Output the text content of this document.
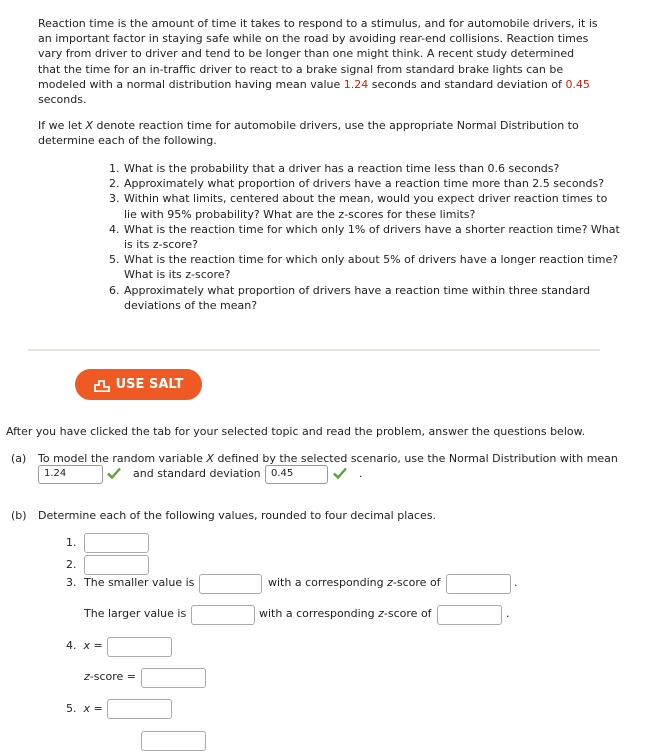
Reaction time is the amount of time it takes to respond to a stimulus, and for automobile drivers, it is an important factor in staying safe while on the road by avoiding rear-end collisions. Reaction times vary from driver to driver and tend to be longer than one might think. A recent study determined that the time for an in-traffic driver to react to a brake signal from standard brake lights can be modeled with a normal distribution having mean value 1.24 seconds and standard deviation of 0.45 seconds.

If we let X denote reaction time for automobile drivers, use the appropriate Normal Distribution to determine each of the following.

1. What is the probability that a driver has a reaction time less than 0.6 seconds?
2. Approximately what proportion of drivers have a reaction time more than 2.5 seconds?
3. Within what limits, centered about the mean, would you expect driver reaction times to lie with 95% probability? What are the z-scores for these limits?
4. What is the reaction time for which only 1% of drivers have a shorter reaction time? What is its z-score?
5. What is the reaction time for which only about 5% of drivers have a longer reaction time? What is its z-score?
6. Approximately what proportion of drivers have a reaction time within three standard deviations of the mean?
USE SALT
After you have clicked the tab for your selected topic and read the problem, answer the questions below.
(a) To model the random variable X defined by the selected scenario, use the Normal Distribution with mean
1.24	and standard deviation	0.45	.
(b) Determine each of the following values, rounded to four decimal places.
1.
2.
3. The smaller value is	with a corresponding z-score of	.
The larger value is	with a corresponding z-score of	.
4. x =
z-score =
5. x =
